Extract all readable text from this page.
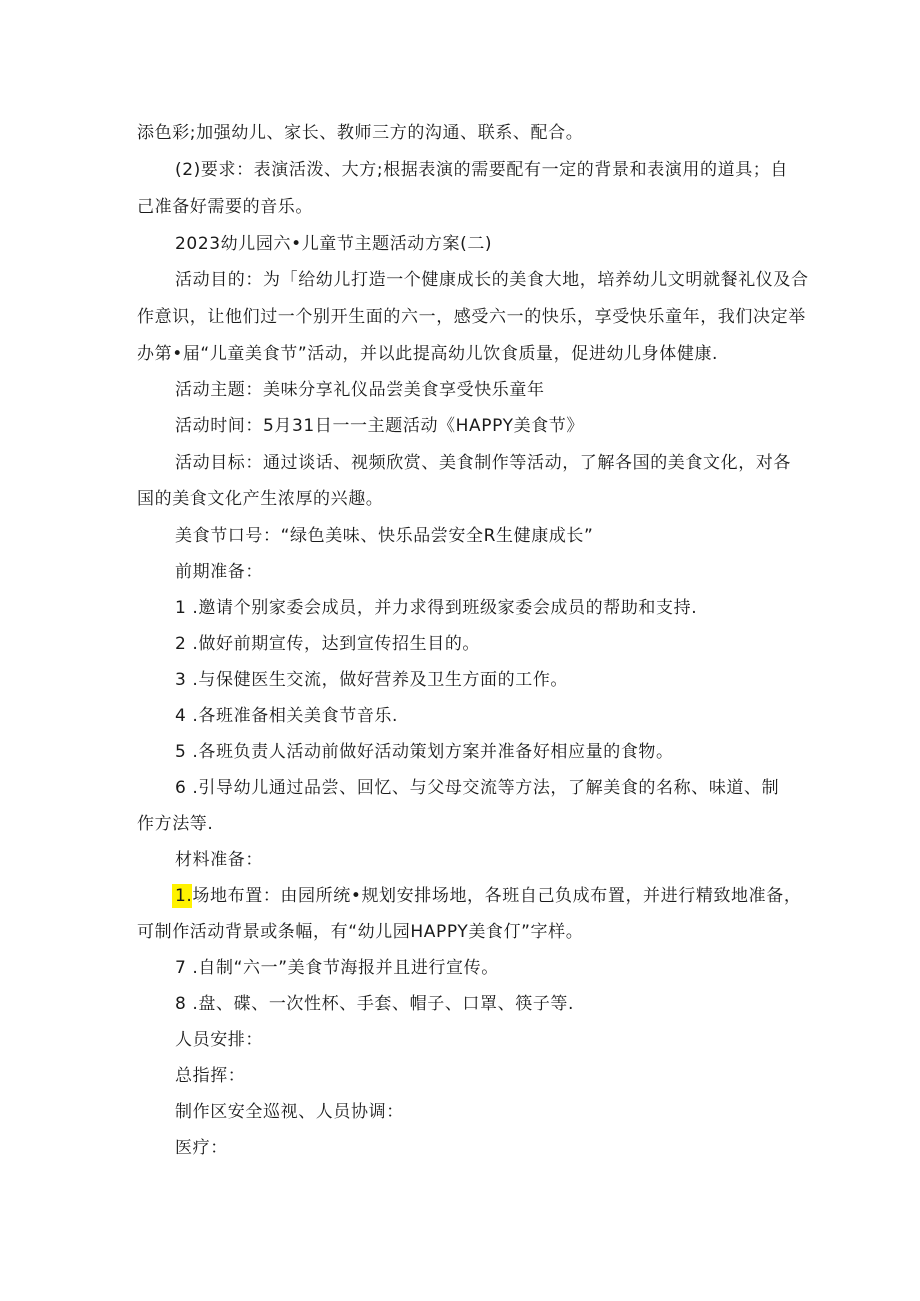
添色彩;加强幼儿、家长、教师三方的沟通、联系、配合。
(2)要求：表演活泼、大方;根据表演的需要配有一定的背景和表演用的道具；自
己准备好需要的音乐。
2023幼儿园六•儿童节主题活动方案(二)
活动目的：为「给幼儿打造一个健康成长的美食大地，培养幼儿文明就餐礼仪及合
作意识，让他们过一个别开生面的六一，感受六一的快乐，享受快乐童年，我们决定举
办第•届“儿童美食节”活动，并以此提高幼儿饮食质量，促进幼儿身体健康.
活动主题：美味分享礼仪品尝美食享受快乐童年
活动时间：5月31日一一主题活动《HAPPY美食节》
活动目标：通过谈话、视频欣赏、美食制作等活动，了解各国的美食文化，对各
国的美食文化产生浓厚的兴趣。
美食节口号：“绿色美味、快乐品尝安全R生健康成长”
前期准备：
1 .邀请个别家委会成员，并力求得到班级家委会成员的帮助和支持.
2 .做好前期宣传，达到宣传招生目的。
3 .与保健医生交流，做好营养及卫生方面的工作。
4 .各班准备相关美食节音乐.
5 .各班负责人活动前做好活动策划方案并准备好相应量的食物。
6 .引导幼儿通过品尝、回忆、与父母交流等方法，了解美食的名称、味道、制
作方法等.
材料准备：
1.场地布置：由园所统•规划安排场地，各班自己负成布置，并进行精致地准备，
可制作活动背景或条幅，有“幼儿园HAPPY美食仃”字样。
7 .自制“六一”美食节海报并且进行宣传。
8 .盘、碟、一次性杯、手套、帽子、口罩、筷子等.
人员安排：
总指挥：
制作区安全巡视、人员协调：
医疗：
